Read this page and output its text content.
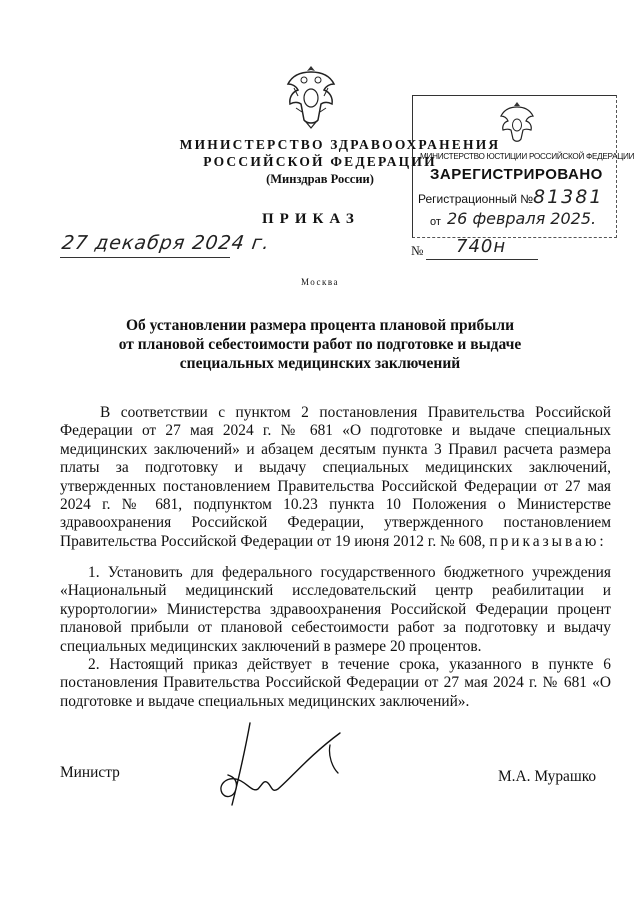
МИНИСТЕРСТВО ЗДРАВООХРАНЕНИЯ
РОССИЙСКОЙ ФЕДЕРАЦИИ
(Минздрав России)
ПРИКАЗ
27 декабря 2024 г.	№ 740н
Москва
МИНИСТЕРСТВО ЮСТИЦИИ РОССИЙСКОЙ ФЕДЕРАЦИИ
ЗАРЕГИСТРИРОВАНО
Регистрационный № 81381
от 26 февраля 2025.
Об установлении размера процента плановой прибыли
от плановой себестоимости работ по подготовке и выдаче
специальных медицинских заключений
В соответствии с пунктом 2 постановления Правительства Российской Федерации от 27 мая 2024 г. № 681 «О подготовке и выдаче специальных медицинских заключений» и абзацем десятым пункта 3 Правил расчета размера платы за подготовку и выдачу специальных медицинских заключений, утвержденных постановлением Правительства Российской Федерации от 27 мая 2024 г. № 681, подпунктом 10.23 пункта 10 Положения о Министерстве здравоохранения Российской Федерации, утвержденного постановлением Правительства Российской Федерации от 19 июня 2012 г. № 608, приказываю:
1. Установить для федерального государственного бюджетного учреждения «Национальный медицинский исследовательский центр реабилитации и курортологии» Министерства здравоохранения Российской Федерации процент плановой прибыли от плановой себестоимости работ за подготовку и выдачу специальных медицинских заключений в размере 20 процентов.
2. Настоящий приказ действует в течение срока, указанного в пункте 6 постановления Правительства Российской Федерации от 27 мая 2024 г. № 681 «О подготовке и выдаче специальных медицинских заключений».
Министр	М.А. Мурашко
